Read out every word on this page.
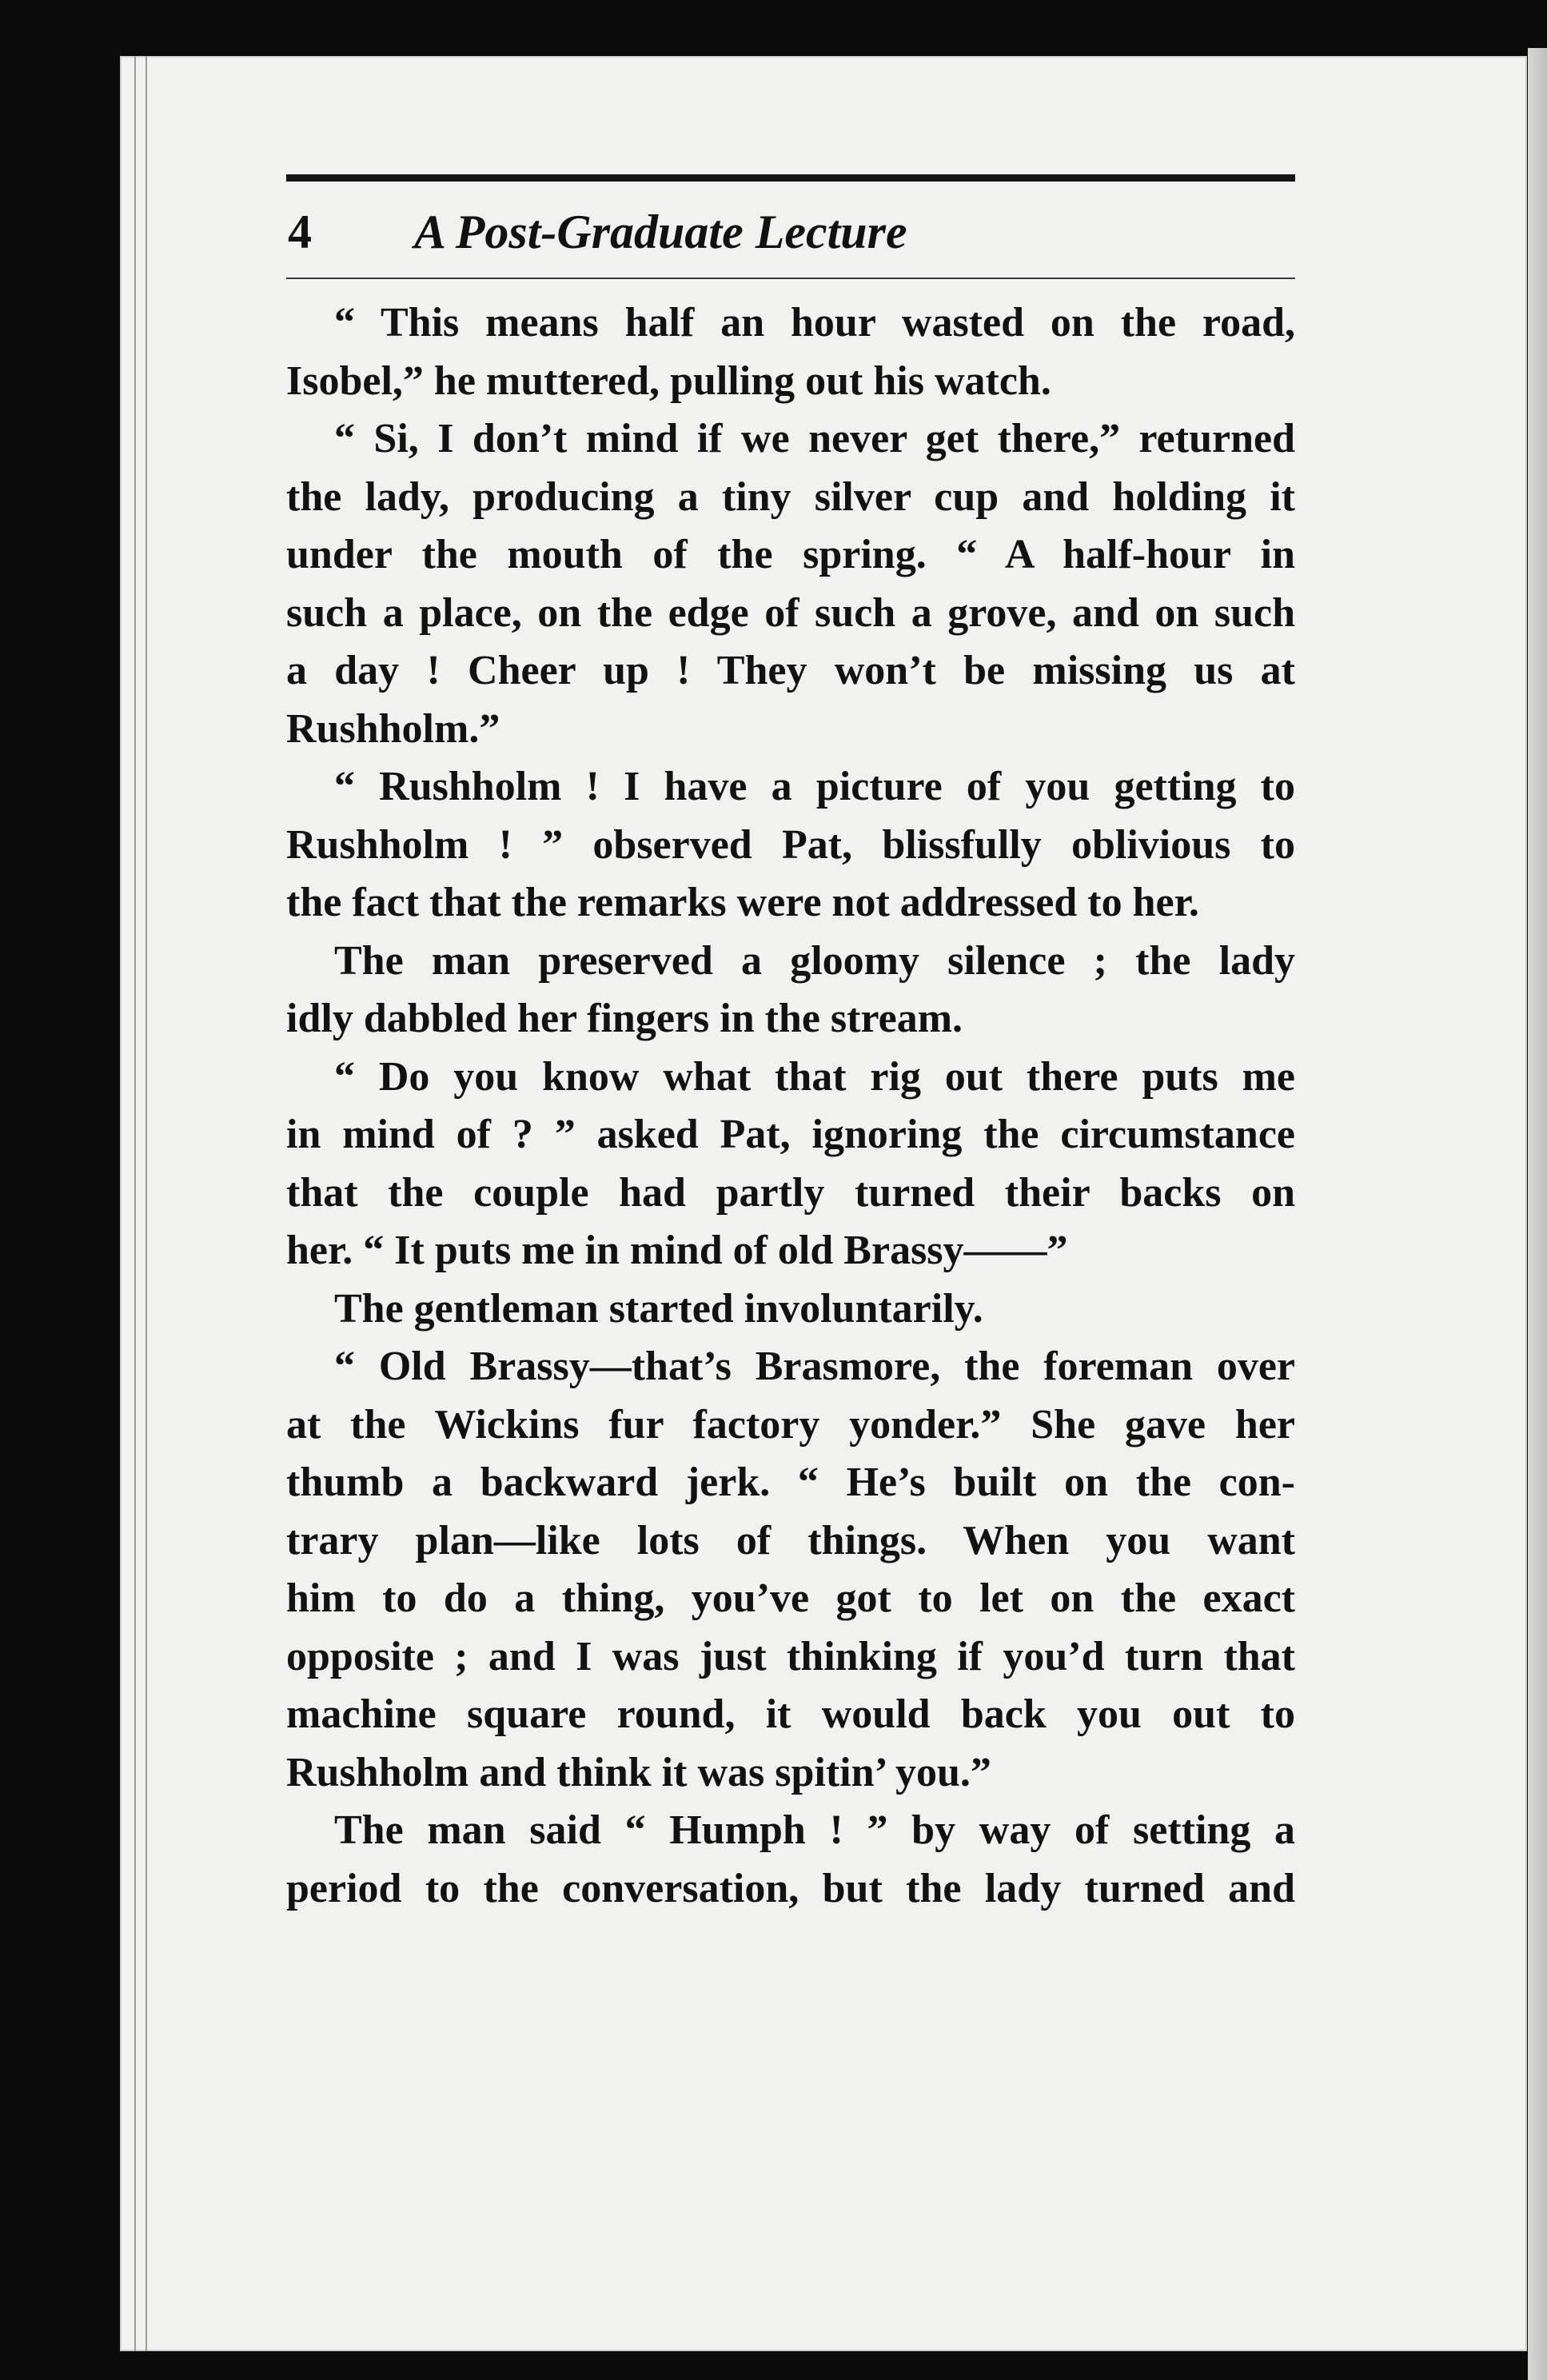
4 A Post-Graduate Lecture
“ This means half an hour wasted on the road,
Isobel,” he muttered, pulling out his watch.
“ Si, I don’t mind if we never get there,” returned
the lady, producing a tiny silver cup and holding it
under the mouth of the spring. “ A half-hour in
such a place, on the edge of such a grove, and on such
a day ! Cheer up ! They won’t be missing us at
Rushholm.”
“ Rushholm ! I have a picture of you getting to
Rushholm ! ” observed Pat, blissfully oblivious to
the fact that the remarks were not addressed to her.
The man preserved a gloomy silence ; the lady
idly dabbled her fingers in the stream.
“ Do you know what that rig out there puts me
in mind of ? ” asked Pat, ignoring the circumstance
that the couple had partly turned their backs on
her. “ It puts me in mind of old Brassy——”
The gentleman started involuntarily.
“ Old Brassy—that’s Brasmore, the foreman over
at the Wickins fur factory yonder.” She gave her
thumb a backward jerk. “ He’s built on the con-
trary plan—like lots of things. When you want
him to do a thing, you’ve got to let on the exact
opposite ; and I was just thinking if you’d turn that
machine square round, it would back you out to
Rushholm and think it was spitin’ you.”
The man said “ Humph ! ” by way of setting a
period to the conversation, but the lady turned and
